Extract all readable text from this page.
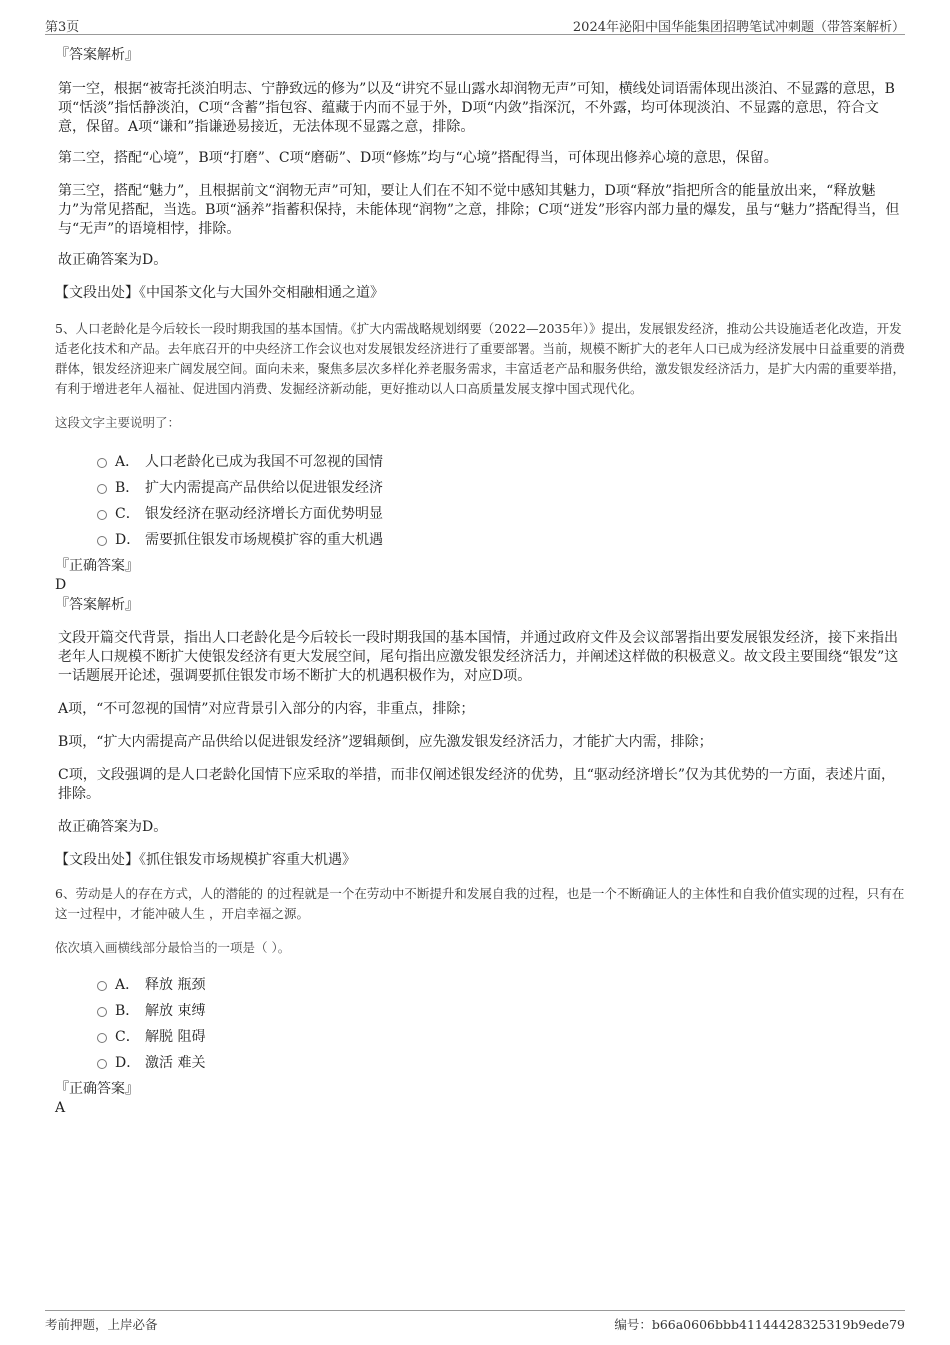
第3页	2024年泌阳中国华能集团招聘笔试冲刺题（带答案解析）

『答案解析』

第一空，根据“被寄托淡泊明志、宁静致远的修为”以及“讲究不显山露水却润物无声”可知，横线处词语需体现出淡泊、不显露的意思，B项“恬淡”指恬静淡泊，C项“含蓄”指包容、蕴藏于内而不显于外，D项“内敛”指深沉，不外露，均可体现淡泊、不显露的意思，符合文意，保留。A项“谦和”指谦逊易接近，无法体现不显露之意，排除。

第二空，搭配“心境”，B项“打磨”、C项“磨砺”、D项“修炼”均与“心境”搭配得当，可体现出修养心境的意思，保留。

第三空，搭配“魅力”，且根据前文“润物无声”可知，要让人们在不知不觉中感知其魅力，D项“释放”指把所含的能量放出来，“释放魅力”为常见搭配，当选。B项“涵养”指蓄积保持，未能体现“润物”之意，排除；C项“迸发”形容内部力量的爆发，虽与“魅力”搭配得当，但与“无声”的语境相悖，排除。

故正确答案为D。

【文段出处】《中国茶文化与大国外交相融相通之道》

5、人口老龄化是今后较长一段时期我国的基本国情。《扩大内需战略规划纲要（2022—2035年）》提出，发展银发经济，推动公共设施适老化改造，开发适老化技术和产品。去年底召开的中央经济工作会议也对发展银发经济进行了重要部署。当前，规模不断扩大的老年人口已成为经济发展中日益重要的消费群体，银发经济迎来广阔发展空间。面向未来，聚焦多层次多样化养老服务需求，丰富适老产品和服务供给，激发银发经济活力，是扩大内需的重要举措，有利于增进老年人福祉、促进国内消费、发掘经济新动能，更好推动以人口高质量发展支撑中国式现代化。

这段文字主要说明了：

A． 人口老龄化已成为我国不可忽视的国情
B． 扩大内需提高产品供给以促进银发经济
C． 银发经济在驱动经济增长方面优势明显
D． 需要抓住银发市场规模扩容的重大机遇

『正确答案』

D

『答案解析』

文段开篇交代背景，指出人口老龄化是今后较长一段时期我国的基本国情，并通过政府文件及会议部署指出要发展银发经济，接下来指出老年人口规模不断扩大使银发经济有更大发展空间，尾句指出应激发银发经济活力，并阐述这样做的积极意义。故文段主要围绕“银发”这一话题展开论述，强调要抓住银发市场不断扩大的机遇积极作为，对应D项。

A项，“不可忽视的国情”对应背景引入部分的内容，非重点，排除；

B项，“扩大内需提高产品供给以促进银发经济”逻辑颠倒，应先激发银发经济活力，才能扩大内需，排除；

C项，文段强调的是人口老龄化国情下应采取的举措，而非仅阐述银发经济的优势，且“驱动经济增长”仅为其优势的一方面，表述片面，排除。

故正确答案为D。

【文段出处】《抓住银发市场规模扩容重大机遇》

6、劳动是人的存在方式，人的潜能的 的过程就是一个在劳动中不断提升和发展自我的过程，也是一个不断确证人的主体性和自我价值实现的过程，只有在这一过程中，才能冲破人生 ，开启幸福之源。

依次填入画横线部分最恰当的一项是（ ）。

A． 释放 瓶颈
B． 解放 束缚
C． 解脱 阻碍
D． 激活 难关

『正确答案』

A

考前押题，上岸必备	编号：b66a0606bbb41144428325319b9ede79
